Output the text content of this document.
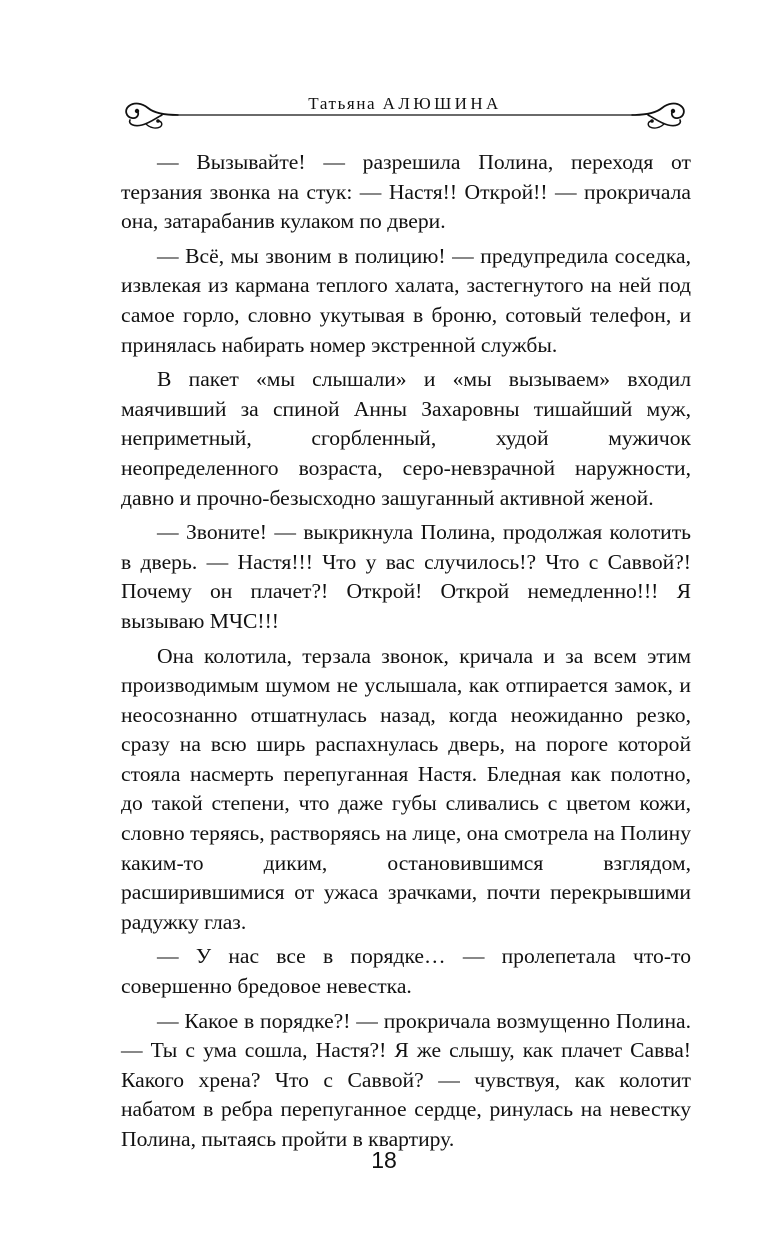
Татьяна АЛЮШИНА

— Вызывайте! — разрешила Полина, переходя от терзания звонка на стук: — Настя!! Открой!! — прокричала она, затарабанив кулаком по двери.

— Всё, мы звоним в полицию! — предупредила соседка, извлекая из кармана теплого халата, застегнутого на ней под самое горло, словно укутывая в броню, сотовый телефон, и принялась набирать номер экстренной службы.

В пакет «мы слышали» и «мы вызываем» входил маячивший за спиной Анны Захаровны тишайший муж, неприметный, сгорбленный, худой мужичок неопределенного возраста, серо-невзрачной наружности, давно и прочно-безысходно зашуганный активной женой.

— Звоните! — выкрикнула Полина, продолжая колотить в дверь. — Настя!!! Что у вас случилось!? Что с Саввой?! Почему он плачет?! Открой! Открой немедленно!!! Я вызываю МЧС!!!

Она колотила, терзала звонок, кричала и за всем этим производимым шумом не услышала, как отпирается замок, и неосознанно отшатнулась назад, когда неожиданно резко, сразу на всю ширь распахнулась дверь, на пороге которой стояла насмерть перепуганная Настя. Бледная как полотно, до такой степени, что даже губы сливались с цветом кожи, словно теряясь, растворяясь на лице, она смотрела на Полину каким-то диким, остановившимся взглядом, расширившимися от ужаса зрачками, почти перекрывшими радужку глаз.

— У нас все в порядке… — пролепетала что-то совершенно бредовое невестка.

— Какое в порядке?! — прокричала возмущенно Полина. — Ты с ума сошла, Настя?! Я же слышу, как плачет Савва! Какого хрена? Что с Саввой? — чувствуя, как колотит набатом в ребра перепуганное сердце, ринулась на невестку Полина, пытаясь пройти в квартиру.

18
